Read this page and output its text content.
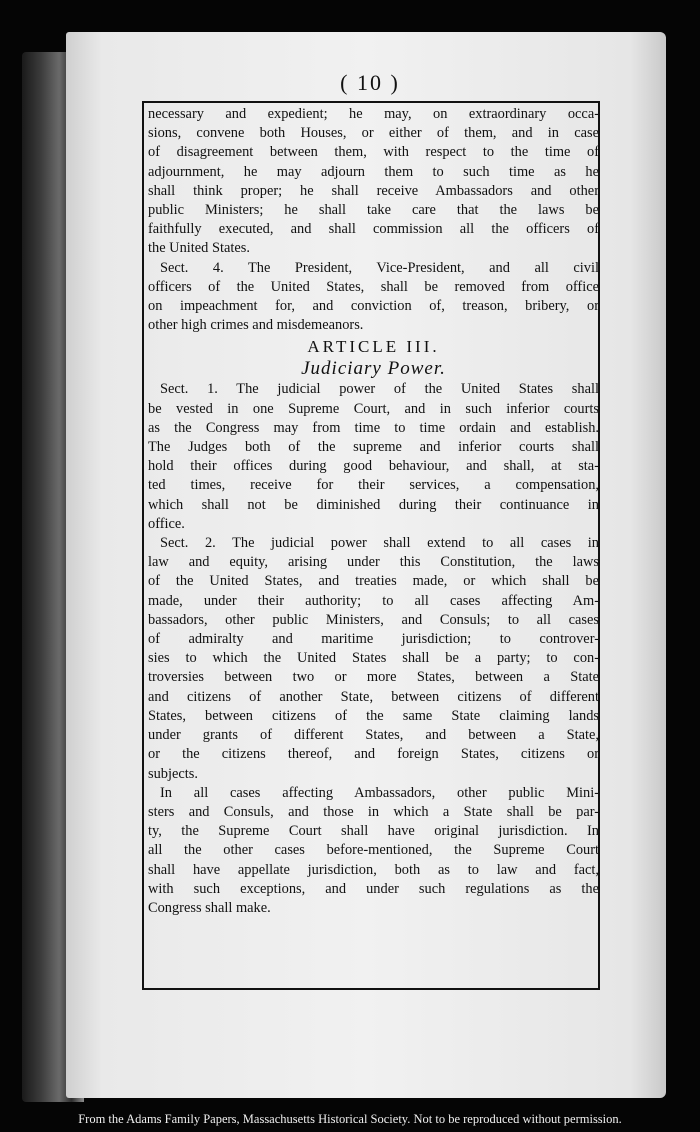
( 10 )
necessary and expedient; he may, on extraordinary occa-
sions, convene both Houses, or either of them, and in case
of disagreement between them, with respect to the time of
adjournment, he may adjourn them to such time as he
shall think proper; he shall receive Ambassadors and other
public Ministers; he shall take care that the laws be
faithfully executed, and shall commission all the officers of
the United States.
Sect. 4. The President, Vice-President, and all civil
officers of the United States, shall be removed from office
on impeachment for, and conviction of, treason, bribery, or
other high crimes and misdemeanors.
ARTICLE III.
Judiciary Power.
Sect. 1. The judicial power of the United States shall
be vested in one Supreme Court, and in such inferior courts
as the Congress may from time to time ordain and establish.
The Judges both of the supreme and inferior courts shall
hold their offices during good behaviour, and shall, at sta-
ted times, receive for their services, a compensation,
which shall not be diminished during their continuance in
office.
Sect. 2. The judicial power shall extend to all cases in
law and equity, arising under this Constitution, the laws
of the United States, and treaties made, or which shall be
made, under their authority; to all cases affecting Am-
bassadors, other public Ministers, and Consuls; to all cases
of admiralty and maritime jurisdiction; to controver-
sies to which the United States shall be a party; to con-
troversies between two or more States, between a State
and citizens of another State, between citizens of different
States, between citizens of the same State claiming lands
under grants of different States, and between a State,
or the citizens thereof, and foreign States, citizens or
subjects.
In all cases affecting Ambassadors, other public Mini-
sters and Consuls, and those in which a State shall be par-
ty, the Supreme Court shall have original jurisdiction. In
all the other cases before-mentioned, the Supreme Court
shall have appellate jurisdiction, both as to law and fact,
with such exceptions, and under such regulations as the
Congress shall make.
From the Adams Family Papers, Massachusetts Historical Society. Not to be reproduced without permission.
